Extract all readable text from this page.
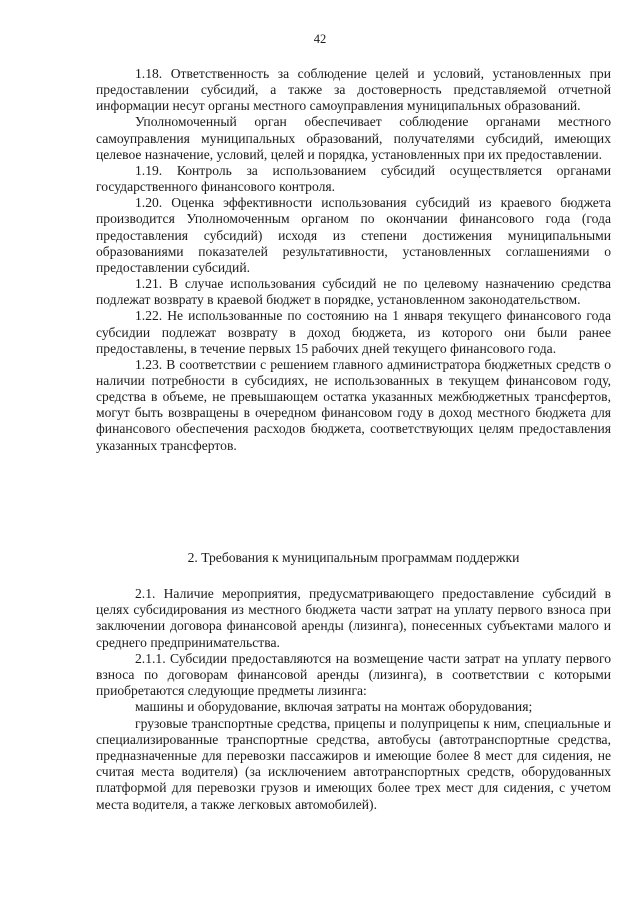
42

1.18. Ответственность за соблюдение целей и условий, установленных при предоставлении субсидий, а также за достоверность представляемой отчетной информации несут органы местного самоуправления муниципальных образований.

Уполномоченный орган обеспечивает соблюдение органами местного самоуправления муниципальных образований, получателями субсидий, имеющих целевое назначение, условий, целей и порядка, установленных при их предоставлении.

1.19. Контроль за использованием субсидий осуществляется органами государственного финансового контроля.

1.20. Оценка эффективности использования субсидий из краевого бюджета производится Уполномоченным органом по окончании финансового года (года предоставления субсидий) исходя из степени достижения муниципальными образованиями показателей результативности, установленных соглашениями о предоставлении субсидий.

1.21. В случае использования субсидий не по целевому назначению средства подлежат возврату в краевой бюджет в порядке, установленном законодательством.

1.22. Не использованные по состоянию на 1 января текущего финансового года субсидии подлежат возврату в доход бюджета, из которого они были ранее предоставлены, в течение первых 15 рабочих дней текущего финансового года.

1.23. В соответствии с решением главного администратора бюджетных средств о наличии потребности в субсидиях, не использованных в текущем финансовом году, средства в объеме, не превышающем остатка указанных межбюджетных трансфертов, могут быть возвращены в очередном финансовом году в доход местного бюджета для финансового обеспечения расходов бюджета, соответствующих целям предоставления указанных трансфертов.

2. Требования к муниципальным программам поддержки

2.1. Наличие мероприятия, предусматривающего предоставление субсидий в целях субсидирования из местного бюджета части затрат на уплату первого взноса при заключении договора финансовой аренды (лизинга), понесенных субъектами малого и среднего предпринимательства.

2.1.1. Субсидии предоставляются на возмещение части затрат на уплату первого взноса по договорам финансовой аренды (лизинга), в соответствии с которыми приобретаются следующие предметы лизинга:

машины и оборудование, включая затраты на монтаж оборудования;

грузовые транспортные средства, прицепы и полуприцепы к ним, специальные и специализированные транспортные средства, автобусы (автотранспортные средства, предназначенные для перевозки пассажиров и имеющие более 8 мест для сидения, не считая места водителя) (за исключением автотранспортных средств, оборудованных платформой для перевозки грузов и имеющих более трех мест для сидения, с учетом места водителя, а также легковых автомобилей).
